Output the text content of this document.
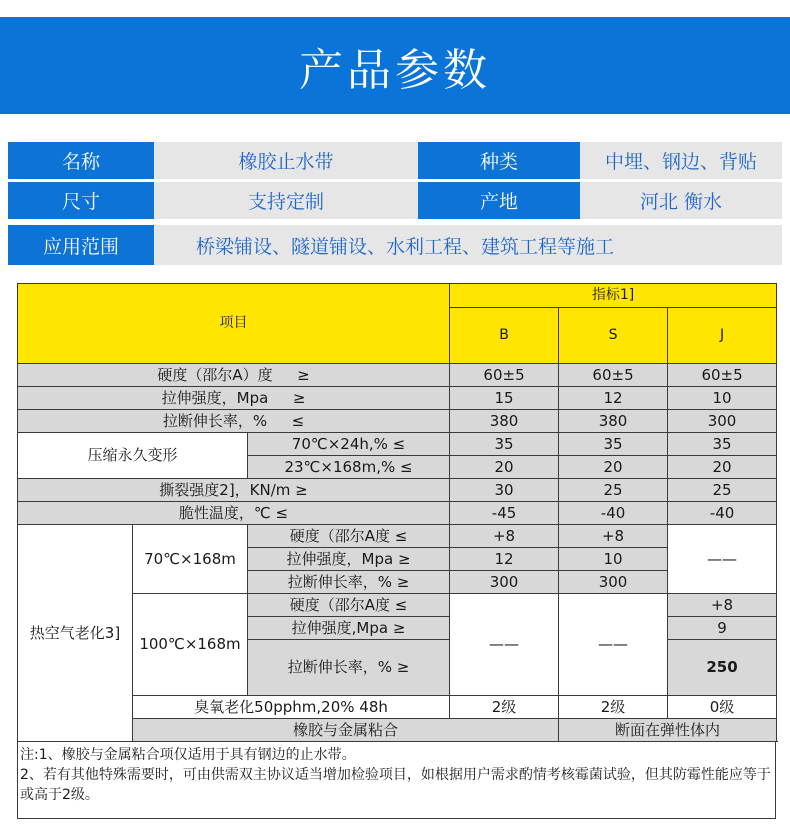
产品参数
名称	橡胶止水带	种类	中埋、钢边、背贴
尺寸	支持定制	产地	河北 衡水
应用范围	桥梁铺设、隧道铺设、水利工程、建筑工程等施工
项目			指标1]		
			B	S	J
硬度（邵尔A）度 　 ≥			60±5	60±5	60±5
拉伸强度，Mpa 　 ≥			15	12	10
拉断伸长率，% 　 ≤			380	380	300
压缩永久变形		70℃×24h,% ≤	35	35	35
		23℃×168m,% ≤	20	20	20
撕裂强度2]，KN/m ≥			30	25	25
脆性温度，℃ ≤			-45	-40	-40
热空气老化3]	70℃×168m	硬度（邵尔A度 ≤	+8	+8	——
		拉伸强度，Mpa ≥	12	10	
		拉断伸长率，% ≥	300	300	
	100℃×168m	硬度（邵尔A度 ≤	——	——	+8
		拉伸强度,Mpa ≥			9
		拉断伸长率，% ≥			250
	臭氧老化50pphm,20% 48h		2级	2级	0级
	橡胶与金属粘合			断面在弹性体内	

注:1、橡胶与金属粘合项仅适用于具有钢边的止水带。

2、若有其他特殊需要时，可由供需双主协议适当增加检验项目，如根据用户需求酌情考核霉菌试验，但其防霉性能应等于或高于2级。
